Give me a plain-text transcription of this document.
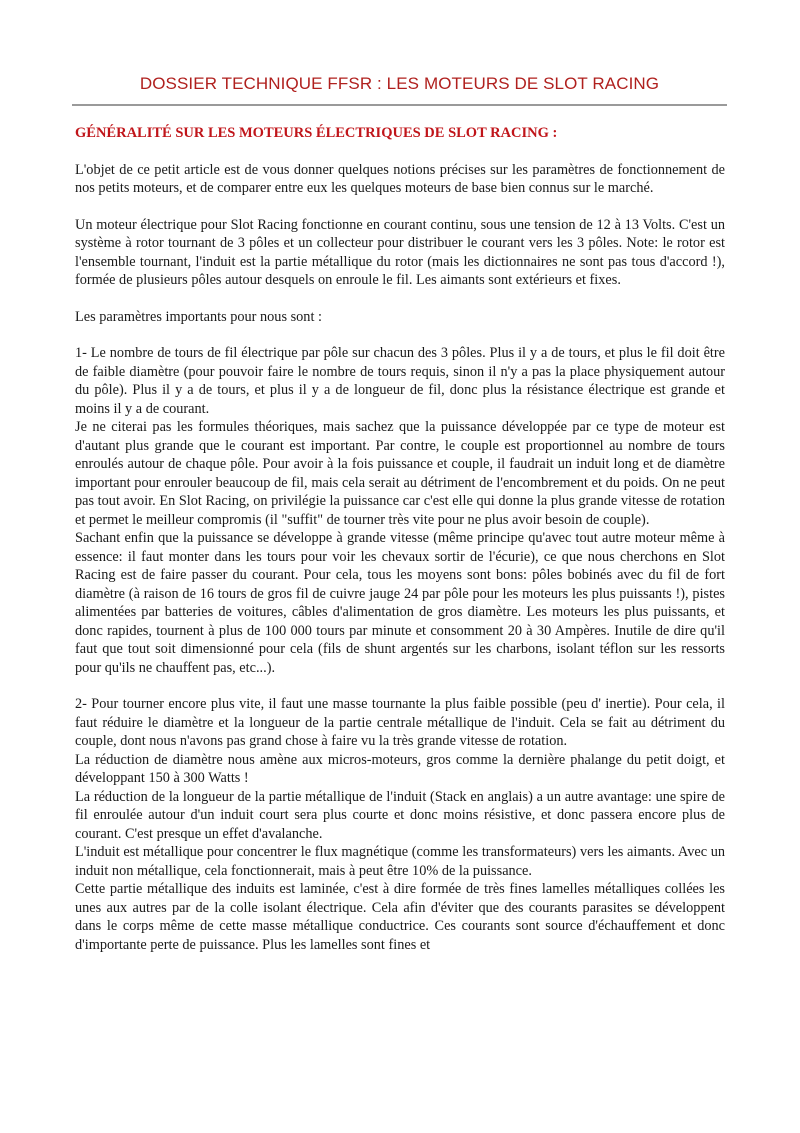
DOSSIER TECHNIQUE FFSR : LES MOTEURS DE SLOT RACING
GÉNÉRALITÉ SUR LES MOTEURS ÉLECTRIQUES DE SLOT RACING :

L'objet de ce petit article est de vous donner quelques notions précises sur les paramètres de fonctionnement de nos petits moteurs, et de comparer entre eux les quelques moteurs de base bien connus sur le marché.

Un moteur électrique pour Slot Racing fonctionne en courant continu, sous une tension de 12 à 13 Volts. C'est un système à rotor tournant de 3 pôles et un collecteur pour distribuer le courant vers les 3 pôles. Note: le rotor est l'ensemble tournant, l'induit est la partie métallique du rotor (mais les dictionnaires ne sont pas tous d'accord !), formée de plusieurs pôles autour desquels on enroule le fil. Les aimants sont extérieurs et fixes.

Les paramètres importants pour nous sont :

1- Le nombre de tours de fil électrique par pôle sur chacun des 3 pôles. Plus il y a de tours, et plus le fil doit être de faible diamètre (pour pouvoir faire le nombre de tours requis, sinon il n'y a pas la place physiquement autour du pôle). Plus il y a de tours, et plus il y a de longueur de fil, donc plus la résistance électrique est grande et moins il y a de courant.

Je ne citerai pas les formules théoriques, mais sachez que la puissance développée par ce type de moteur est d'autant plus grande que le courant est important. Par contre, le couple est proportionnel au nombre de tours enroulés autour de chaque pôle. Pour avoir à la fois puissance et couple, il faudrait un induit long et de diamètre important pour enrouler beaucoup de fil, mais cela serait au détriment de l'encombrement et du poids. On ne peut pas tout avoir. En Slot Racing, on privilégie la puissance car c'est elle qui donne la plus grande vitesse de rotation et permet le meilleur compromis (il "suffit" de tourner très vite pour ne plus avoir besoin de couple).

Sachant enfin que la puissance se développe à grande vitesse (même principe qu'avec tout autre moteur même à essence: il faut monter dans les tours pour voir les chevaux sortir de l'écurie), ce que nous cherchons en Slot Racing est de faire passer du courant. Pour cela, tous les moyens sont bons: pôles bobinés avec du fil de fort diamètre (à raison de 16 tours de gros fil de cuivre jauge 24 par pôle pour les moteurs les plus puissants !), pistes alimentées par batteries de voitures, câbles d'alimentation de gros diamètre. Les moteurs les plus puissants, et donc rapides, tournent à plus de 100 000 tours par minute et consomment 20 à 30 Ampères. Inutile de dire qu'il faut que tout soit dimensionné pour cela (fils de shunt argentés sur les charbons, isolant téflon sur les ressorts pour qu'ils ne chauffent pas, etc...).

2- Pour tourner encore plus vite, il faut une masse tournante la plus faible possible (peu d' inertie). Pour cela, il faut réduire le diamètre et la longueur de la partie centrale métallique de l'induit. Cela se fait au détriment du couple, dont nous n'avons pas grand chose à faire vu la très grande vitesse de rotation.

La réduction de diamètre nous amène aux micros-moteurs, gros comme la dernière phalange du petit doigt, et développant 150 à 300 Watts !

La réduction de la longueur de la partie métallique de l'induit (Stack en anglais) a un autre avantage: une spire de fil enroulée autour d'un induit court sera plus courte et donc moins résistive, et donc passera encore plus de courant. C'est presque un effet d'avalanche.

L'induit est métallique pour concentrer le flux magnétique (comme les transformateurs) vers les aimants. Avec un induit non métallique, cela fonctionnerait, mais à peut être 10% de la puissance.

Cette partie métallique des induits est laminée, c'est à dire formée de très fines lamelles métalliques collées les unes aux autres par de la colle isolant électrique. Cela afin d'éviter que des courants parasites se développent dans le corps même de cette masse métallique conductrice. Ces courants sont source d'échauffement et donc d'importante perte de puissance. Plus les lamelles sont fines et
